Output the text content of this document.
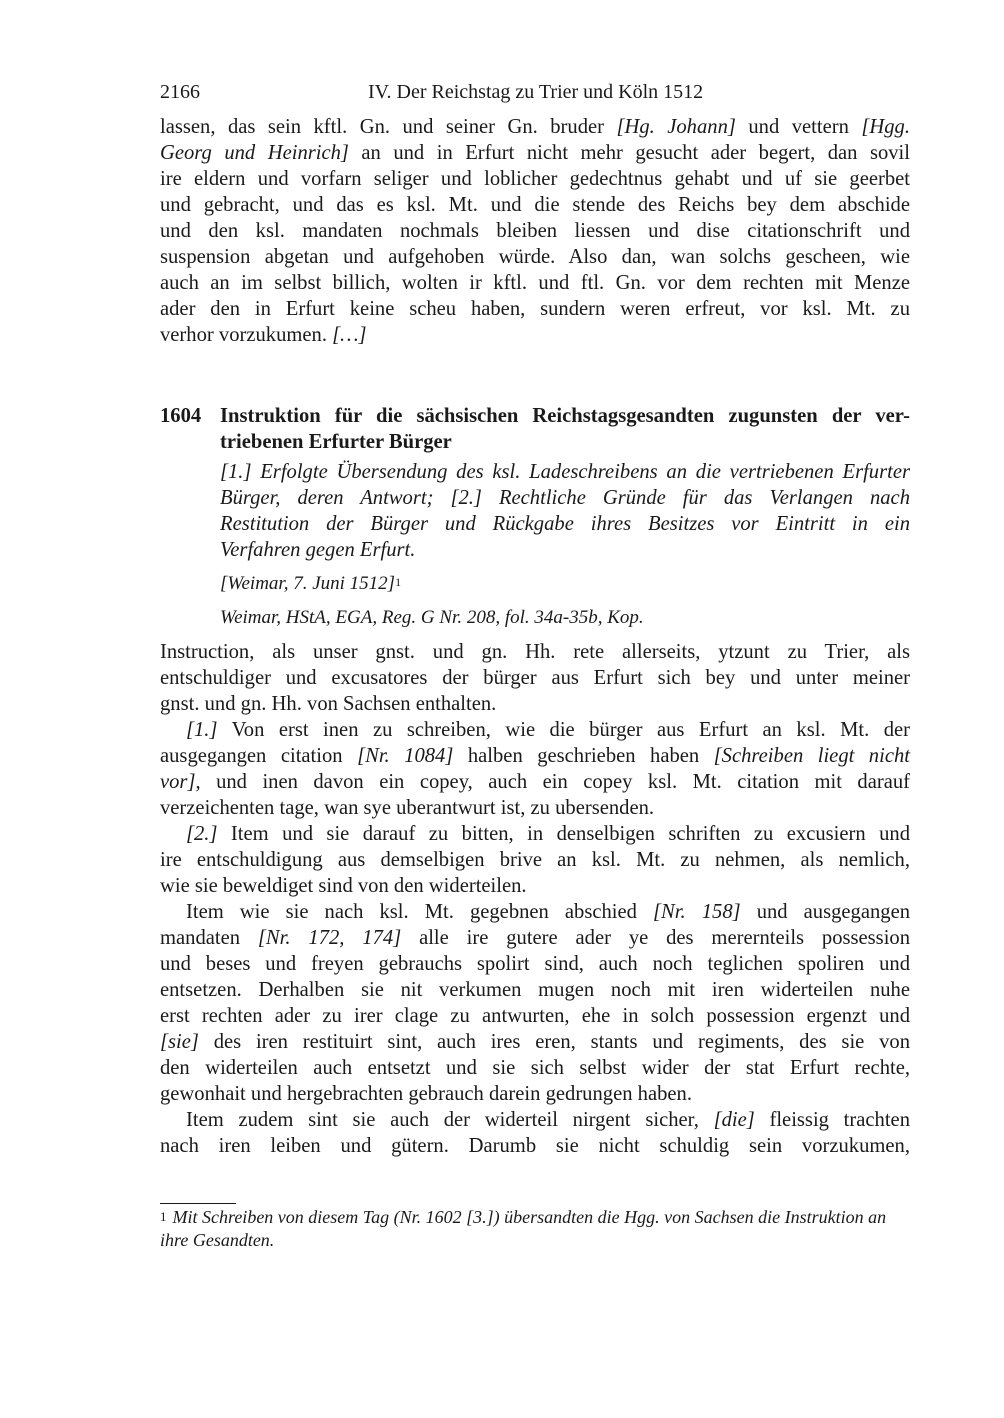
2166	IV. Der Reichstag zu Trier und Köln 1512
lassen, das sein kftl. Gn. und seiner Gn. bruder [Hg. Johann] und vettern [Hgg.
Georg und Heinrich] an und in Erfurt nicht mehr gesucht ader begert, dan sovil
ire eldern und vorfarn seliger und loblicher gedechtnus gehabt und uf sie geerbet
und gebracht, und das es ksl. Mt. und die stende des Reichs bey dem abschide
und den ksl. mandaten nochmals bleiben liessen und dise citationschrift und
suspension abgetan und aufgehoben würde. Also dan, wan solchs gescheen, wie
auch an im selbst billich, wolten ir kftl. und ftl. Gn. vor dem rechten mit Menze
ader den in Erfurt keine scheu haben, sundern weren erfreut, vor ksl. Mt. zu
verhor vorzukumen. […]
1604 Instruktion für die sächsischen Reichstagsgesandten zugunsten der ver-
triebenen Erfurter Bürger
[1.] Erfolgte Übersendung des ksl. Ladeschreibens an die vertriebenen Erfurter
Bürger, deren Antwort; [2.] Rechtliche Gründe für das Verlangen nach
Restitution der Bürger und Rückgabe ihres Besitzes vor Eintritt in ein
Verfahren gegen Erfurt.
[Weimar, 7. Juni 1512]$^1$
Weimar, HStA, EGA, Reg. G Nr. 208, fol. 34a-35b, Kop.
Instruction, als unser gnst. und gn. Hh. rete allerseits, ytzunt zu Trier, als
entschuldiger und excusatores der bürger aus Erfurt sich bey und unter meiner
gnst. und gn. Hh. von Sachsen enthalten.
[1.] Von erst inen zu schreiben, wie die bürger aus Erfurt an ksl. Mt. der
ausgegangen citation [Nr. 1084] halben geschrieben haben [Schreiben liegt nicht
vor], und inen davon ein copey, auch ein copey ksl. Mt. citation mit darauf
verzeichenten tage, wan sye uberantwurt ist, zu ubersenden.
[2.] Item und sie darauf zu bitten, in denselbigen schriften zu excusiern und
ire entschuldigung aus demselbigen brive an ksl. Mt. zu nehmen, als nemlich,
wie sie beweldiget sind von den widerteilen.
Item wie sie nach ksl. Mt. gegebnen abschied [Nr. 158] und ausgegangen
mandaten [Nr. 172, 174] alle ire gutere ader ye des merernteils possession
und beses und freyen gebrauchs spolirt sind, auch noch teglichen spoliren und
entsetzen. Derhalben sie nit verkumen mugen noch mit iren widerteilen nuhe
erst rechten ader zu irer clage zu antwurten, ehe in solch possession ergenzt und
[sie] des iren restituirt sint, auch ires eren, stants und regiments, des sie von
den widerteilen auch entsetzt und sie sich selbst wider der stat Erfurt rechte,
gewonhait und hergebrachten gebrauch darein gedrungen haben.
Item zudem sint sie auch der widerteil nirgent sicher, [die] fleissig trachten
nach iren leiben und gütern. Darumb sie nicht schuldig sein vorzukumen,
$^1$ Mit Schreiben von diesem Tag (Nr. 1602 [3.]) übersandten die Hgg. von Sachsen die Instruktion an ihre Gesandten.
